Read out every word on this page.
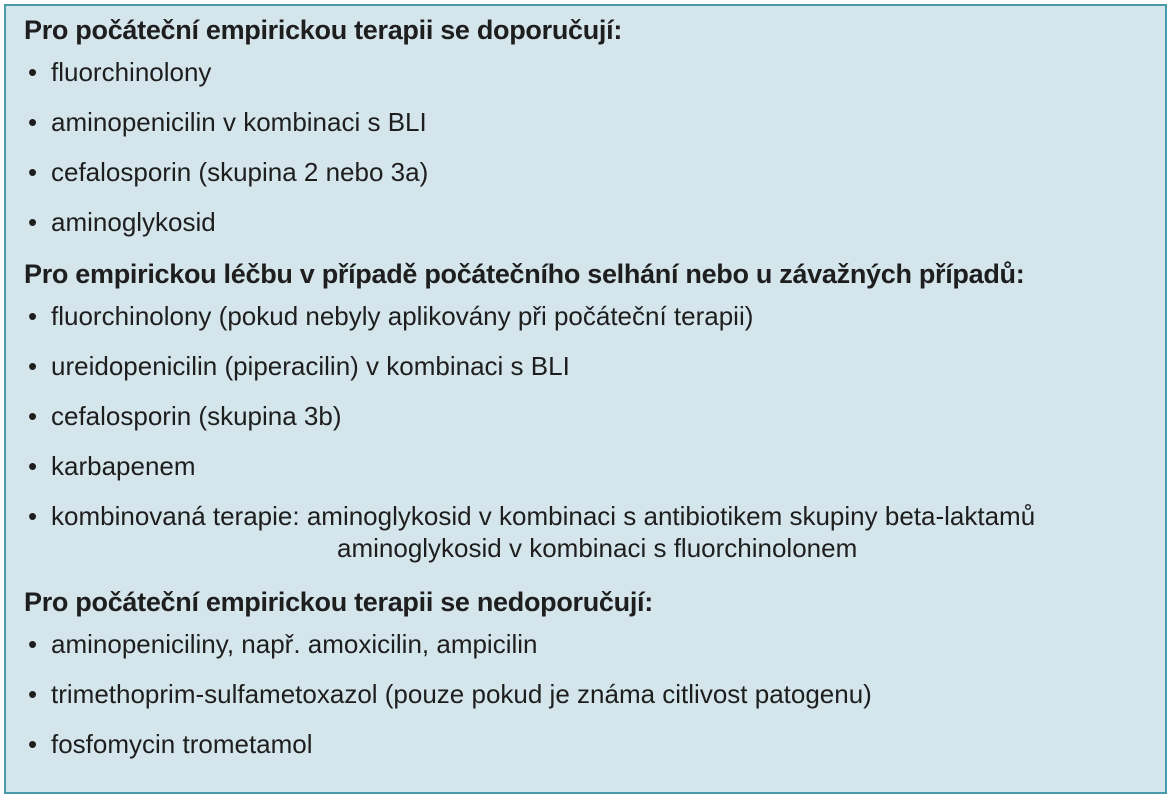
Pro počáteční empirickou terapii se doporučují:
• fluorchinolony
• aminopenicilin v kombinaci s BLI
• cefalosporin (skupina 2 nebo 3a)
• aminoglykosid
Pro empirickou léčbu v případě počátečního selhání nebo u závažných případů:
• fluorchinolony (pokud nebyly aplikovány při počáteční terapii)
• ureidopenicilin (piperacilin) v kombinaci s BLI
• cefalosporin (skupina 3b)
• karbapenem
• kombinovaná terapie: aminoglykosid v kombinaci s antibiotikem skupiny beta-laktamů
aminoglykosid v kombinaci s fluorchinolonem
Pro počáteční empirickou terapii se nedoporučují:
• aminopeniciliny, např. amoxicilin, ampicilin
• trimethoprim-sulfametoxazol (pouze pokud je známa citlivost patogenu)
• fosfomycin trometamol
